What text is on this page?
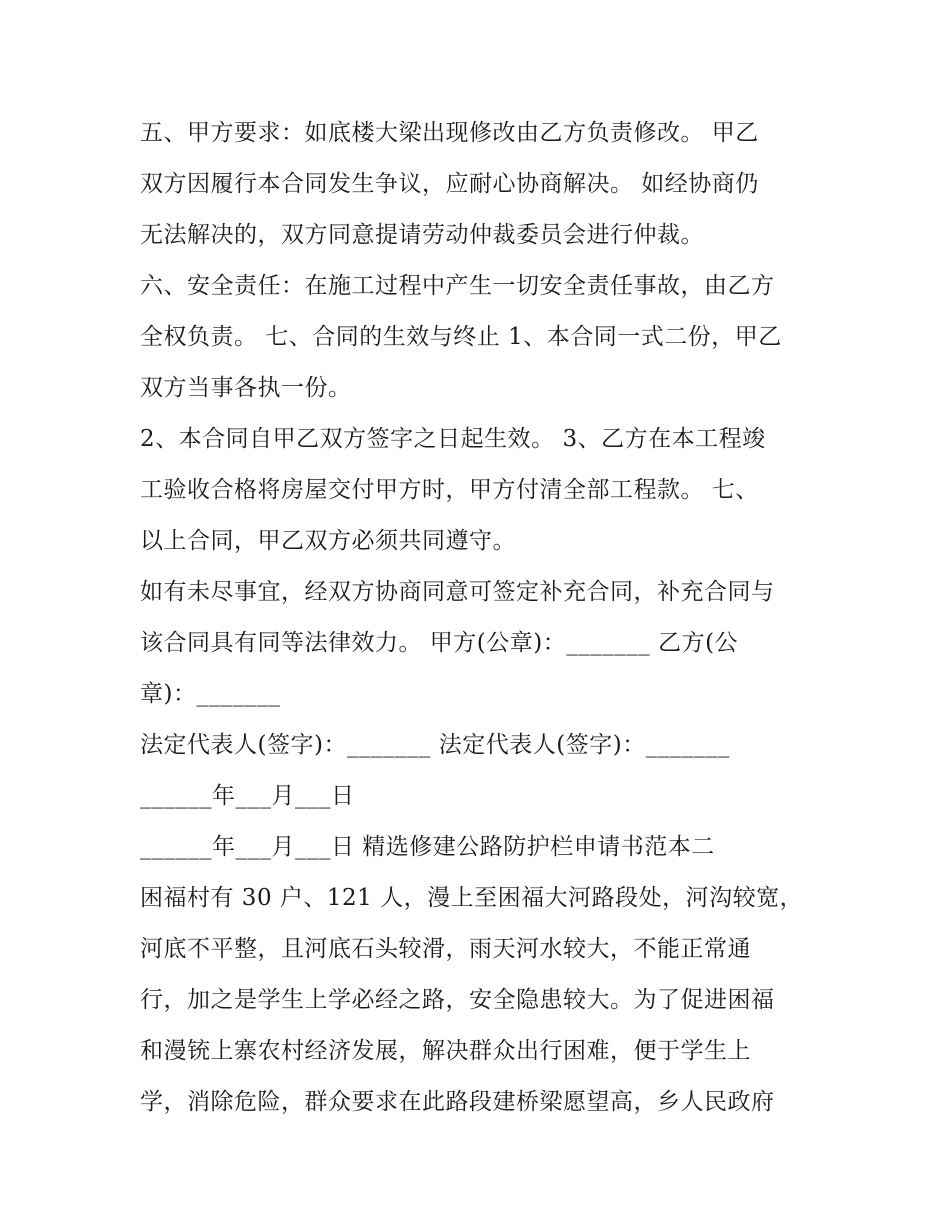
五、甲方要求：如底楼大梁出现修改由乙方负责修改。 甲乙
双方因履行本合同发生争议，应耐心协商解决。 如经协商仍
无法解决的，双方同意提请劳动仲裁委员会进行仲裁。
六、安全责任：在施工过程中产生一切安全责任事故，由乙方
全权负责。 七、合同的生效与终止 1、本合同一式二份，甲乙
双方当事各执一份。
2、本合同自甲乙双方签字之日起生效。 3、乙方在本工程竣
工验收合格将房屋交付甲方时，甲方付清全部工程款。 七、
以上合同，甲乙双方必须共同遵守。
如有未尽事宜，经双方协商同意可签定补充合同，补充合同与
该合同具有同等法律效力。 甲方(公章)：_______ 乙方(公
章)：_______
法定代表人(签字)：_______ 法定代表人(签字)：_______
______年___月___日
______年___月___日 精选修建公路防护栏申请书范本二
困福村有 30 户、121 人，漫上至困福大河路段处，河沟较宽，
河底不平整，且河底石头较滑，雨天河水较大，不能正常通
行，加之是学生上学必经之路，安全隐患较大。为了促进困福
和漫铳上寨农村经济发展，解决群众出行困难，便于学生上
学，消除危险，群众要求在此路段建桥梁愿望高，乡人民政府
